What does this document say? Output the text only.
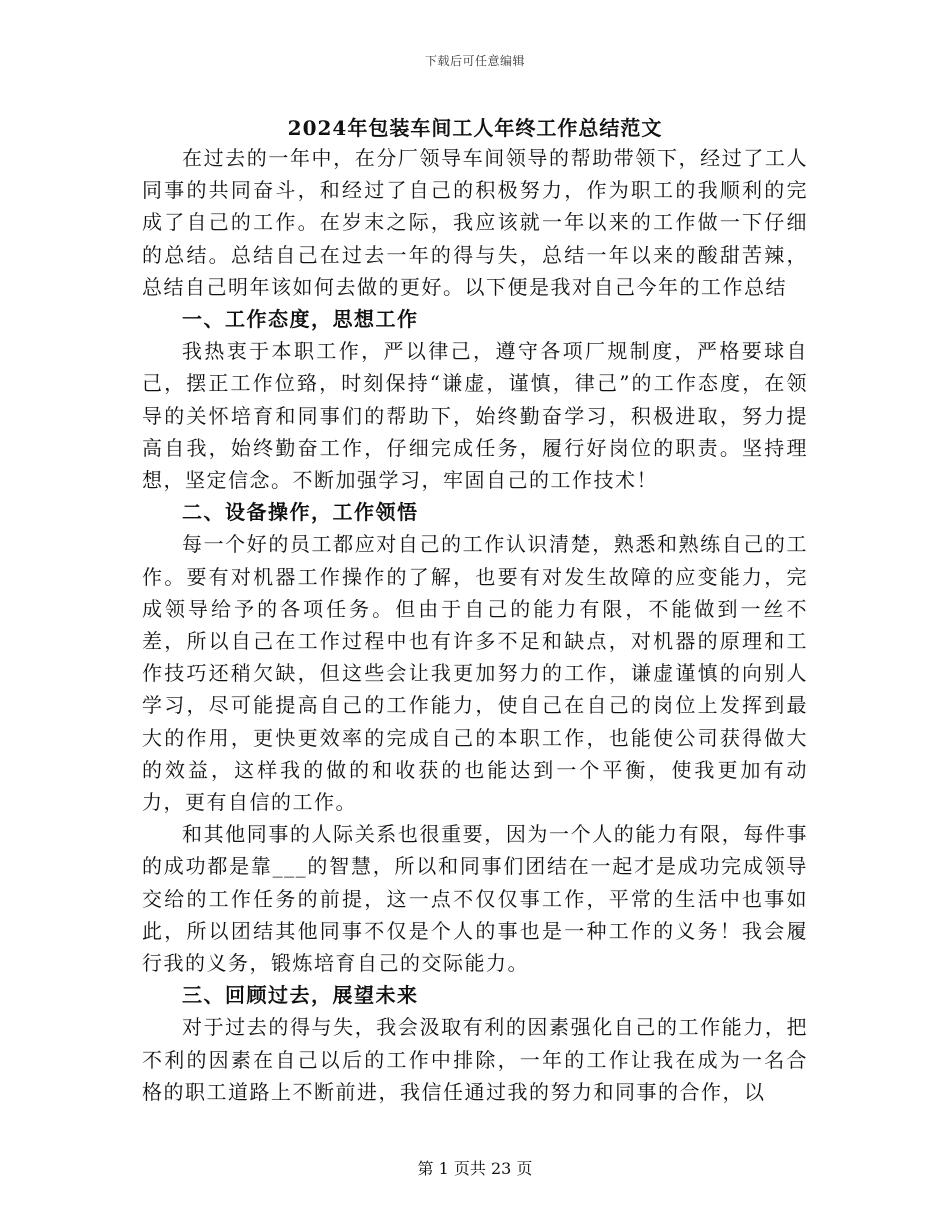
下载后可任意编辑
2024年包装车间工人年终工作总结范文

在过去的一年中，在分厂领导车间领导的帮助带领下，经过了工人同事的共同奋斗，和经过了自己的积极努力，作为职工的我顺利的完成了自己的工作。在岁末之际，我应该就一年以来的工作做一下仔细的总结。总结自己在过去一年的得与失，总结一年以来的酸甜苦辣，总结自己明年该如何去做的更好。以下便是我对自己今年的工作总结

一、工作态度，思想工作

我热衷于本职工作，严以律己，遵守各项厂规制度，严格要球自己，摆正工作位臵，时刻保持“谦虚，谨慎，律己”的工作态度，在领导的关怀培育和同事们的帮助下，始终勤奋学习，积极进取，努力提高自我，始终勤奋工作，仔细完成任务，履行好岗位的职责。坚持理想，坚定信念。不断加强学习，牢固自己的工作技术！

二、设备操作，工作领悟

每一个好的员工都应对自己的工作认识清楚，熟悉和熟练自己的工作。要有对机器工作操作的了解，也要有对发生故障的应变能力，完成领导给予的各项任务。但由于自己的能力有限，不能做到一丝不差，所以自己在工作过程中也有许多不足和缺点，对机器的原理和工作技巧还稍欠缺，但这些会让我更加努力的工作，谦虚谨慎的向别人学习，尽可能提高自己的工作能力，使自己在自己的岗位上发挥到最大的作用，更快更效率的完成自己的本职工作，也能使公司获得做大的效益，这样我的做的和收获的也能达到一个平衡，使我更加有动力，更有自信的工作。

和其他同事的人际关系也很重要，因为一个人的能力有限，每件事的成功都是靠___的智慧，所以和同事们团结在一起才是成功完成领导交给的工作任务的前提，这一点不仅仅事工作，平常的生活中也事如此，所以团结其他同事不仅是个人的事也是一种工作的义务！我会履行我的义务，锻炼培育自己的交际能力。

三、回顾过去，展望未来

对于过去的得与失，我会汲取有利的因素强化自己的工作能力，把不利的因素在自己以后的工作中排除，一年的工作让我在成为一名合格的职工道路上不断前进，我信任通过我的努力和同事的合作，以

第 1 页共 23 页
